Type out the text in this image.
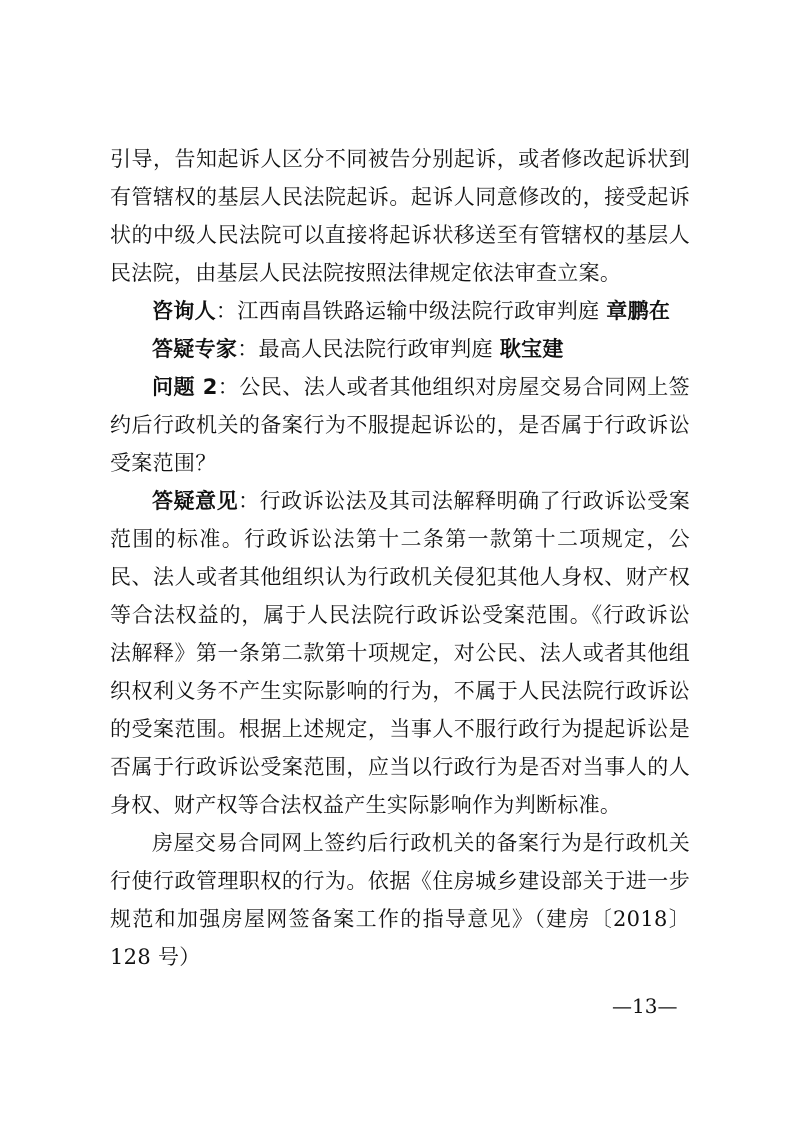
引导，告知起诉人区分不同被告分别起诉，或者修改起诉状到有管辖权的基层人民法院起诉。起诉人同意修改的，接受起诉状的中级人民法院可以直接将起诉状移送至有管辖权的基层人民法院，由基层人民法院按照法律规定依法审查立案。

咨询人：江西南昌铁路运输中级法院行政审判庭 章鹏在

答疑专家：最高人民法院行政审判庭 耿宝建

问题 2：公民、法人或者其他组织对房屋交易合同网上签约后行政机关的备案行为不服提起诉讼的，是否属于行政诉讼受案范围？

答疑意见：行政诉讼法及其司法解释明确了行政诉讼受案范围的标准。行政诉讼法第十二条第一款第十二项规定，公民、法人或者其他组织认为行政机关侵犯其他人身权、财产权等合法权益的，属于人民法院行政诉讼受案范围。《行政诉讼法解释》第一条第二款第十项规定，对公民、法人或者其他组织权利义务不产生实际影响的行为，不属于人民法院行政诉讼的受案范围。根据上述规定，当事人不服行政行为提起诉讼是否属于行政诉讼受案范围，应当以行政行为是否对当事人的人身权、财产权等合法权益产生实际影响作为判断标准。

房屋交易合同网上签约后行政机关的备案行为是行政机关行使行政管理职权的行为。依据《住房城乡建设部关于进一步规范和加强房屋网签备案工作的指导意见》（建房〔2018〕128 号）

—13—
